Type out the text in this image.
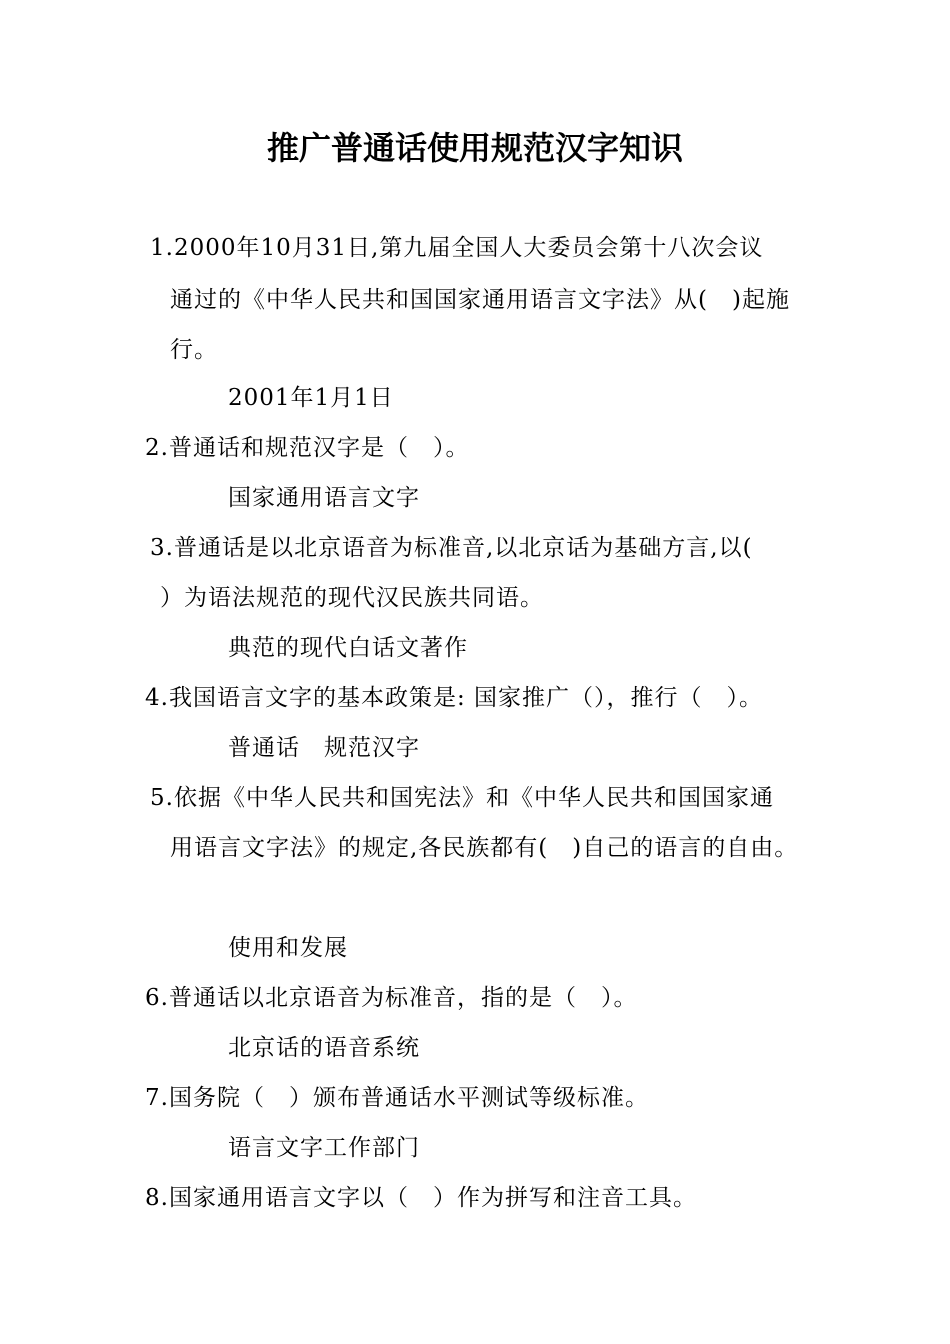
推广普通话使用规范汉字知识
1.2000年10月31日,第九届全国人大委员会第十八次会议
通过的《中华人民共和国国家通用语言文字法》从(　)起施
行。
2001年1月1日
2.普通话和规范汉字是（　）。
国家通用语言文字
3.普通话是以北京语音为标准音,以北京话为基础方言,以(
）为语法规范的现代汉民族共同语。
典范的现代白话文著作
4.我国语言文字的基本政策是: 国家推广（），推行（　）。
普通话　规范汉字
5.依据《中华人民共和国宪法》和《中华人民共和国国家通
用语言文字法》的规定,各民族都有(　)自己的语言的自由。
使用和发展
6.普通话以北京语音为标准音，指的是（　）。
北京话的语音系统
7.国务院（　）颁布普通话水平测试等级标准。
语言文字工作部门
8.国家通用语言文字以（　）作为拼写和注音工具。
